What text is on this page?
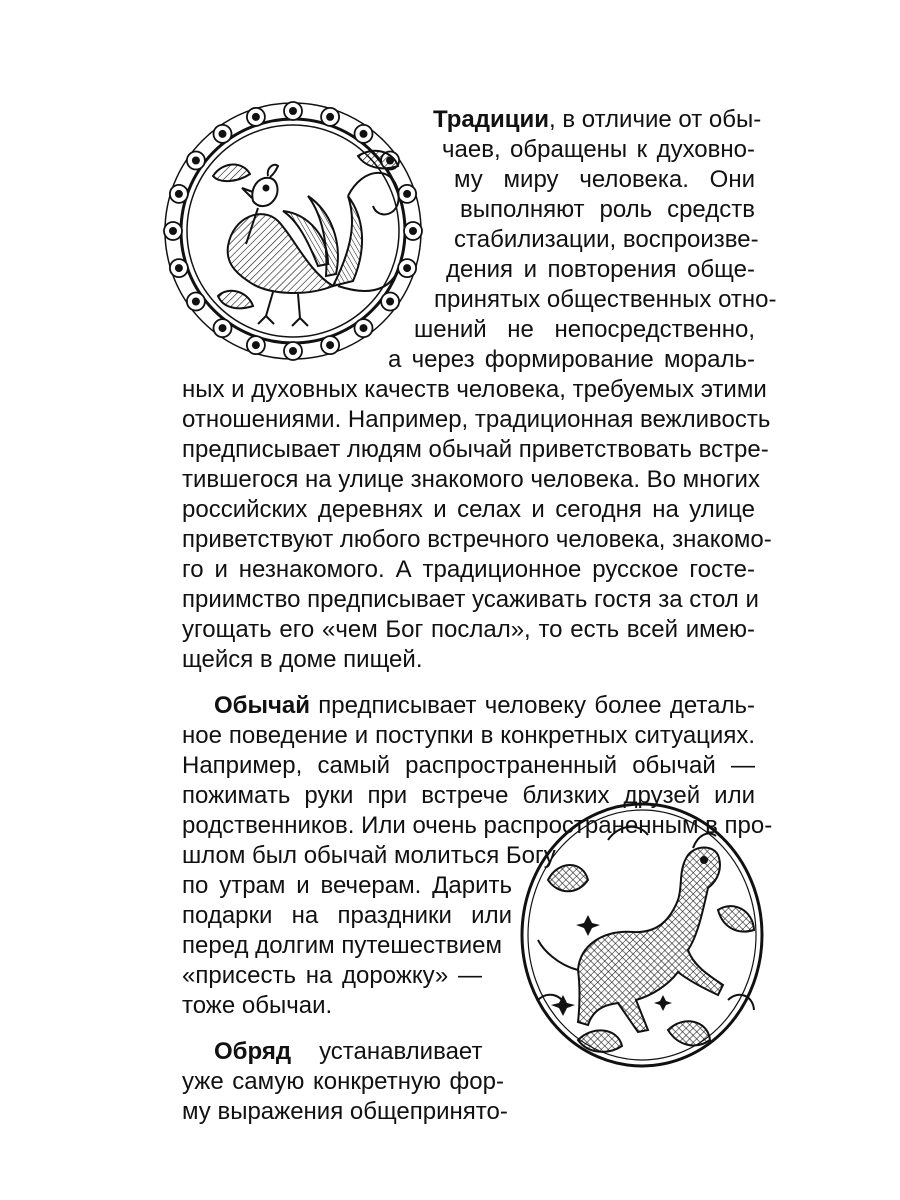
Традиции, в отличие от обы-
чаев, обращены к духовно-
му миру человека. Они
выполняют роль средств
стабилизации, воспроизве-
дения и повторения обще-
принятых общественных отно-
шений не непосредственно,
а через формирование мораль-
ных и духовных качеств человека, требуемых этими
отношениями. Например, традиционная вежливость
предписывает людям обычай приветствовать встре-
тившегося на улице знакомого человека. Во многих
российских деревнях и селах и сегодня на улице
приветствуют любого встречного человека, знакомо-
го и незнакомого. А традиционное русское госте-
приимство предписывает усаживать гостя за стол и
угощать его «чем Бог послал», то есть всей имею-
щейся в доме пищей.
Обычай предписывает человеку более деталь-
ное поведение и поступки в конкретных ситуациях.
Например, самый распространенный обычай —
пожимать руки при встрече близких друзей или
родственников. Или очень распространенным в про-
шлом был обычай молиться Богу
по утрам и вечерам. Дарить
подарки на праздники или
перед долгим путешествием
«присесть на дорожку» —
тоже обычаи.
Обряд устанавливает
уже самую конкретную фор-
му выражения общепринято-
